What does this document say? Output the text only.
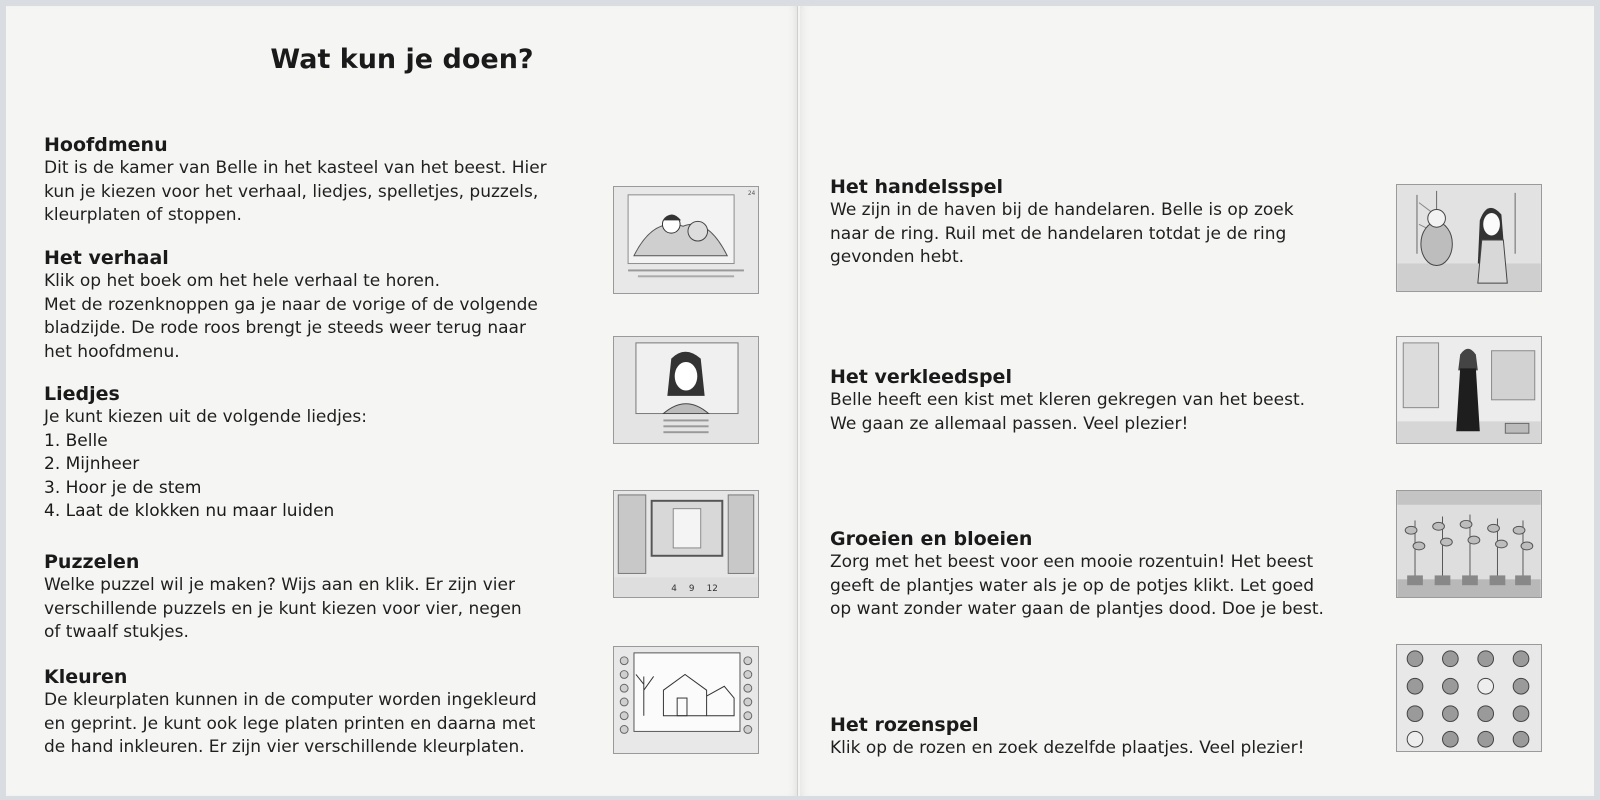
Wat kun je doen?
Hoofdmenu

Dit is de kamer van Belle in het kasteel van het beest. Hier

kun je kiezen voor het verhaal, liedjes, spelletjes, puzzels,

kleurplaten of stoppen.

Het verhaal

Klik op het boek om het hele verhaal te horen.

Met de rozenknoppen ga je naar de vorige of de volgende

bladzijde. De rode roos brengt je steeds weer terug naar

het hoofdmenu.

Liedjes

Je kunt kiezen uit de volgende liedjes:

1. Belle
2. Mijnheer
3. Hoor je de stem
4. Laat de klokken nu maar luiden
Puzzelen

Welke puzzel wil je maken? Wijs aan en klik. Er zijn vier

verschillende puzzels en je kunt kiezen voor vier, negen

of twaalf stukjes.

Kleuren

De kleurplaten kunnen in de computer worden ingekleurd

en geprint. Je kunt ook lege platen printen en daarna met

de hand inkleuren. Er zijn vier verschillende kleurplaten.

24
4 9 12
Het handelsspel

We zijn in de haven bij de handelaren. Belle is op zoek

naar de ring. Ruil met de handelaren totdat je de ring

gevonden hebt.

Het verkleedspel

Belle heeft een kist met kleren gekregen van het beest.

We gaan ze allemaal passen. Veel plezier!

Groeien en bloeien

Zorg met het beest voor een mooie rozentuin! Het beest

geeft de plantjes water als je op de potjes klikt. Let goed

op want zonder water gaan de plantjes dood. Doe je best.

Het rozenspel

Klik op de rozen en zoek dezelfde plaatjes. Veel plezier!
